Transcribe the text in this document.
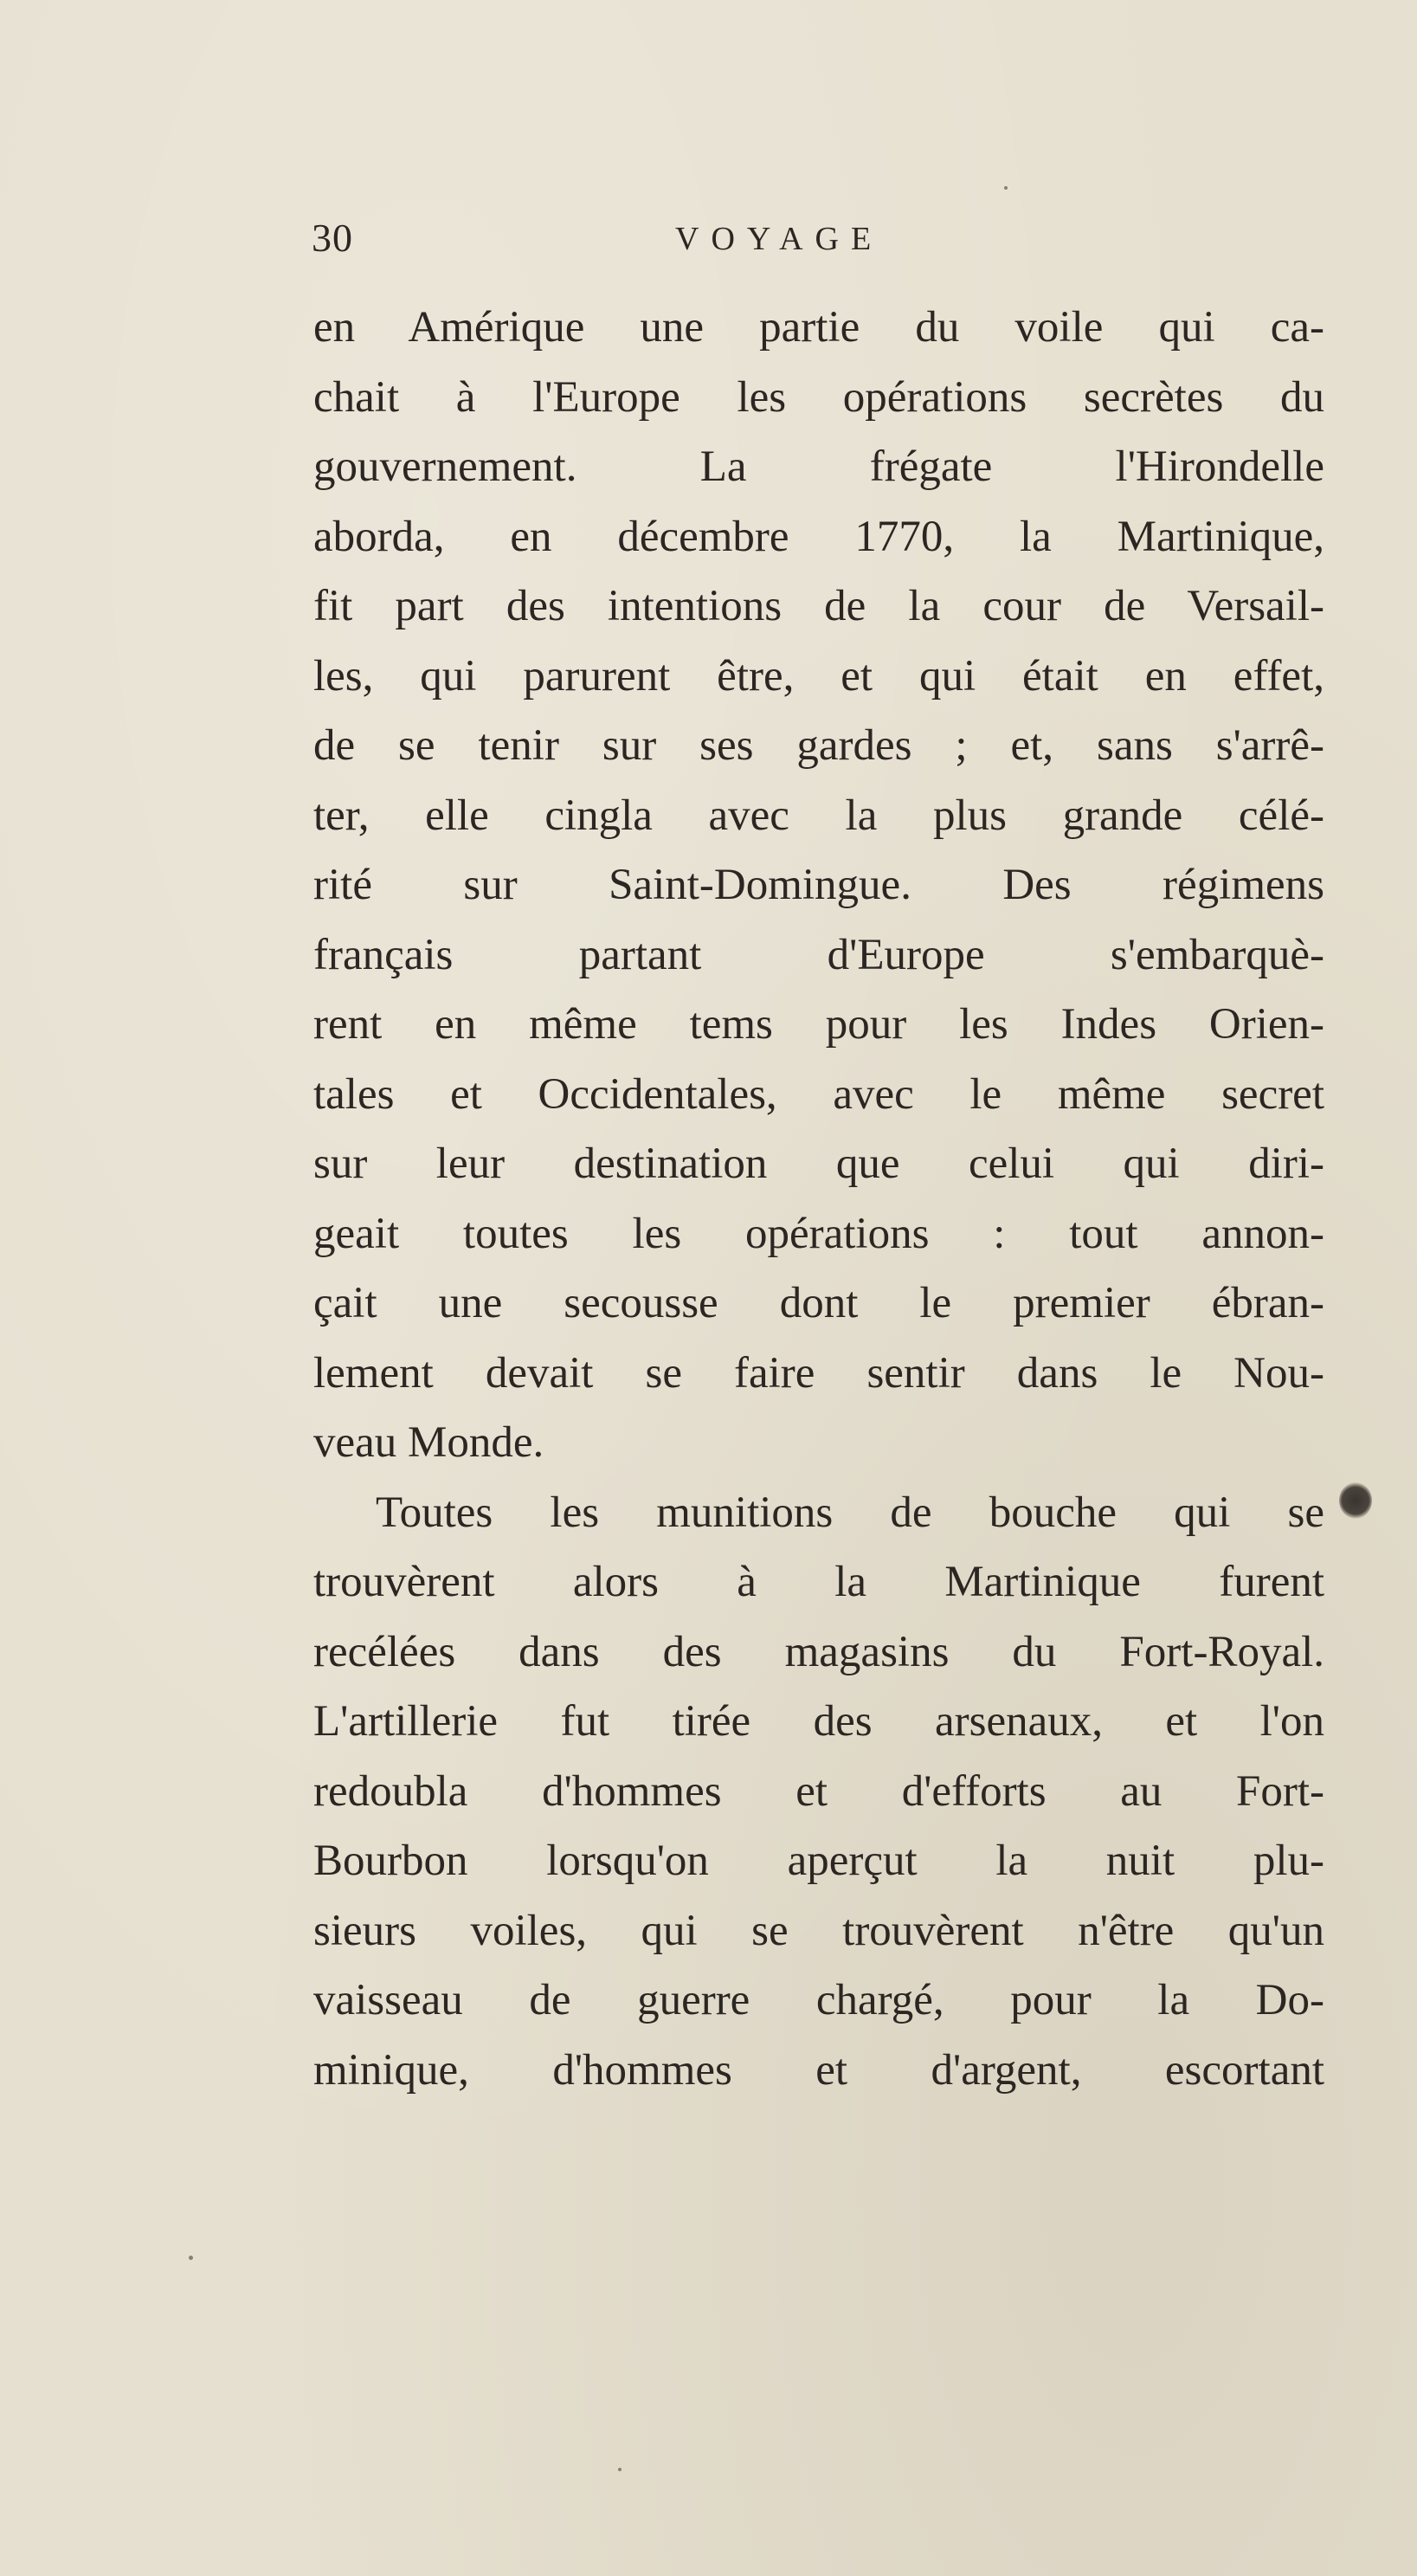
30	VOYAGE
en Amérique une partie du voile qui ca-
chait à l'Europe les opérations secrètes du
gouvernement. La frégate l'Hirondelle
aborda, en décembre 1770, la Martinique,
fit part des intentions de la cour de Versail-
les, qui parurent être, et qui était en effet,
de se tenir sur ses gardes ; et, sans s'arrê-
ter, elle cingla avec la plus grande célé-
rité sur Saint-Domingue. Des régimens
français partant d'Europe s'embarquè-
rent en même tems pour les Indes Orien-
tales et Occidentales, avec le même secret
sur leur destination que celui qui diri-
geait toutes les opérations : tout annon-
çait une secousse dont le premier ébran-
lement devait se faire sentir dans le Nou-
veau Monde.
Toutes les munitions de bouche qui se
trouvèrent alors à la Martinique furent
recélées dans des magasins du Fort-Royal.
L'artillerie fut tirée des arsenaux, et l'on
redoubla d'hommes et d'efforts au Fort-
Bourbon lorsqu'on aperçut la nuit plu-
sieurs voiles, qui se trouvèrent n'être qu'un
vaisseau de guerre chargé, pour la Do-
minique, d'hommes et d'argent, escortant
